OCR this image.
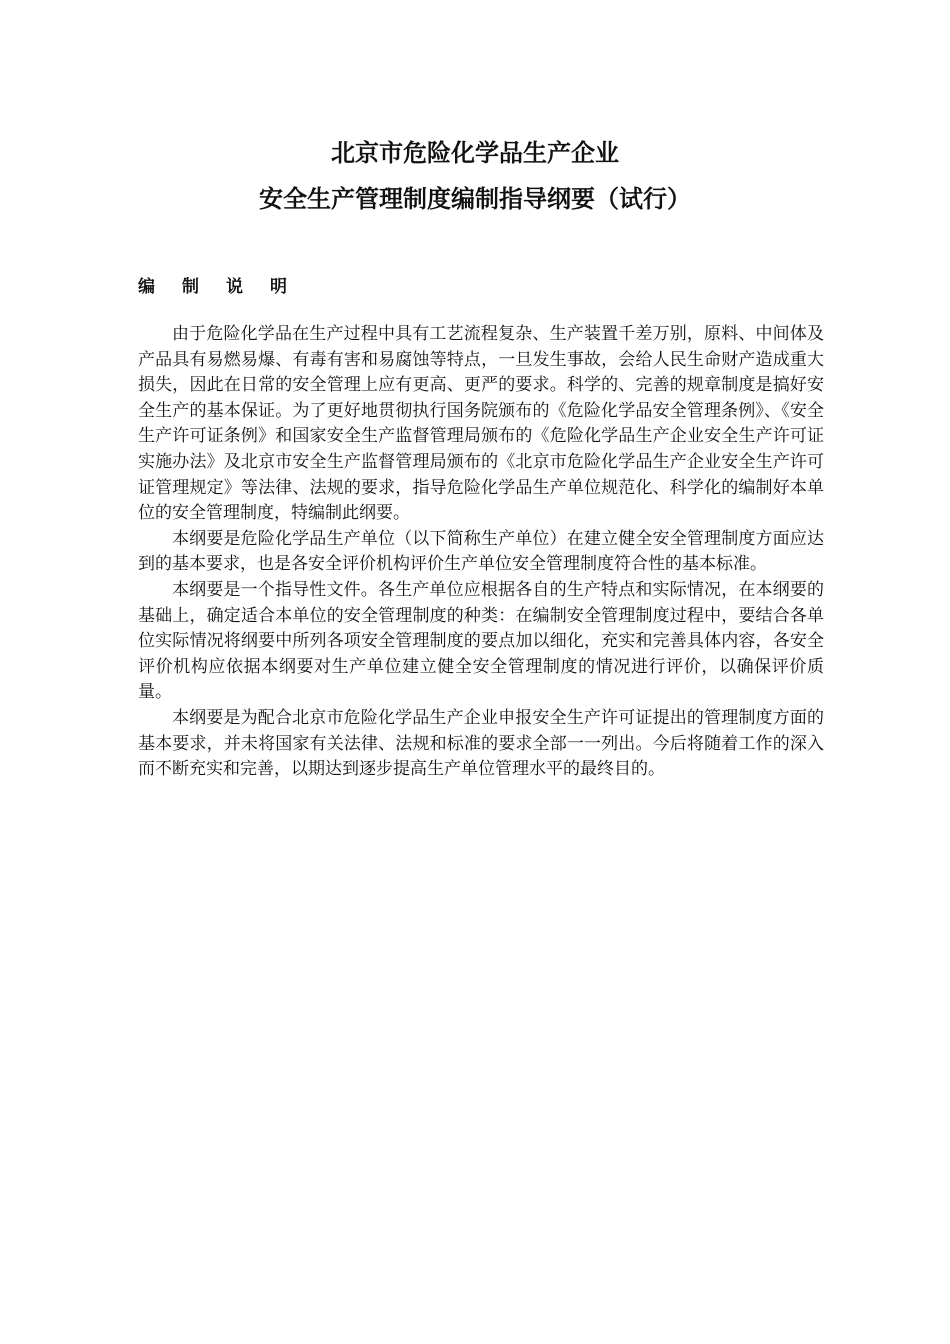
北京市危险化学品生产企业

安全生产管理制度编制指导纲要（试行）

编制说明

由于危险化学品在生产过程中具有工艺流程复杂、生产装置千差万别，原料、中间体及产品具有易燃易爆、有毒有害和易腐蚀等特点，一旦发生事故，会给人民生命财产造成重大损失，因此在日常的安全管理上应有更高、更严的要求。科学的、完善的规章制度是搞好安全生产的基本保证。为了更好地贯彻执行国务院颁布的《危险化学品安全管理条例》、《安全生产许可证条例》和国家安全生产监督管理局颁布的《危险化学品生产企业安全生产许可证实施办法》及北京市安全生产监督管理局颁布的《北京市危险化学品生产企业安全生产许可证管理规定》等法律、法规的要求，指导危险化学品生产单位规范化、科学化的编制好本单位的安全管理制度，特编制此纲要。

本纲要是危险化学品生产单位（以下简称生产单位）在建立健全安全管理制度方面应达到的基本要求，也是各安全评价机构评价生产单位安全管理制度符合性的基本标准。

本纲要是一个指导性文件。各生产单位应根据各自的生产特点和实际情况，在本纲要的基础上，确定适合本单位的安全管理制度的种类：在编制安全管理制度过程中，要结合各单位实际情况将纲要中所列各项安全管理制度的要点加以细化，充实和完善具体内容，各安全评价机构应依据本纲要对生产单位建立健全安全管理制度的情况进行评价，以确保评价质量。

本纲要是为配合北京市危险化学品生产企业申报安全生产许可证提出的管理制度方面的基本要求，并未将国家有关法律、法规和标准的要求全部一一列出。今后将随着工作的深入而不断充实和完善，以期达到逐步提高生产单位管理水平的最终目的。
